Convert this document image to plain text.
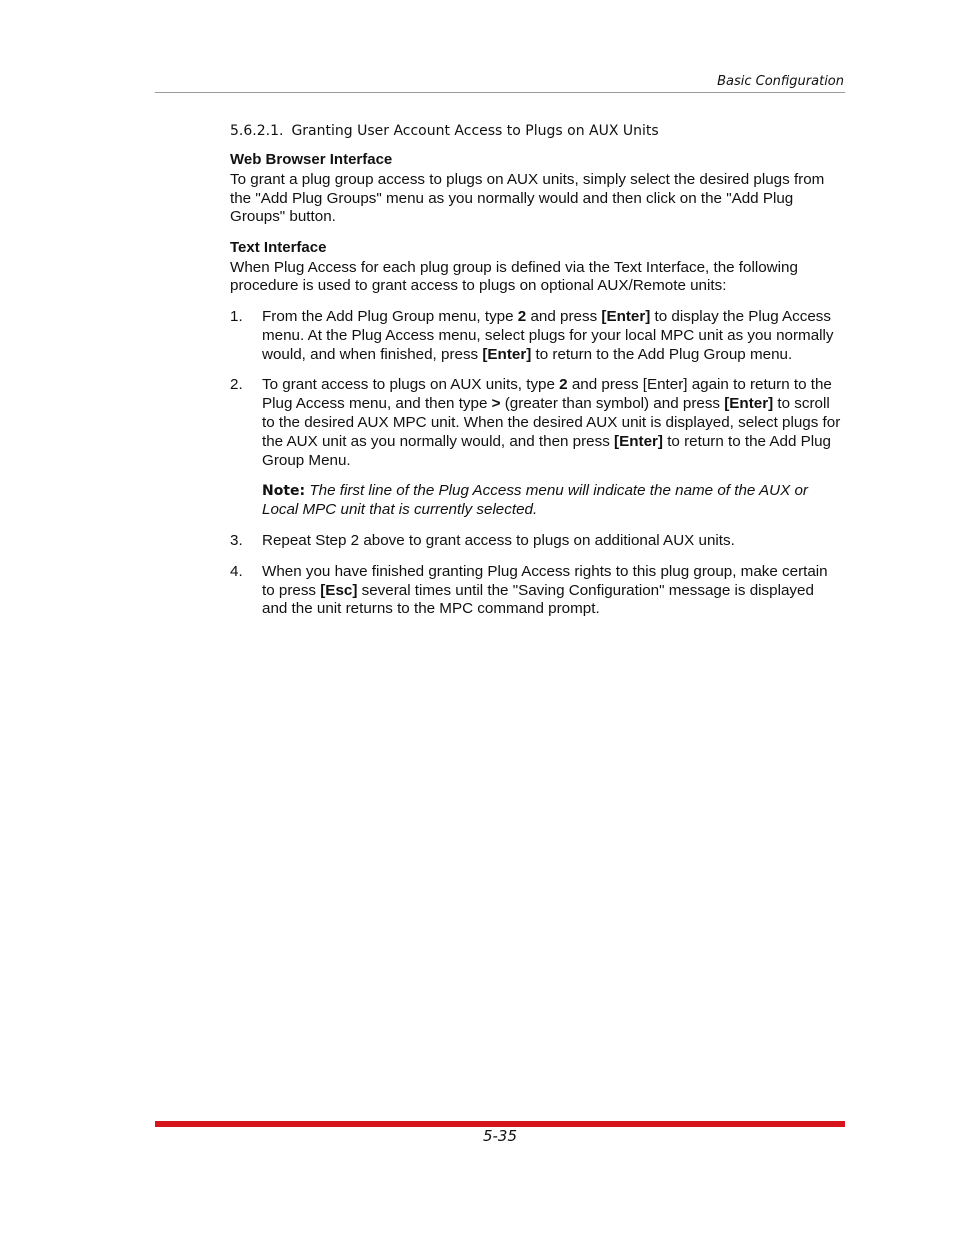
Basic Configuration
5.6.2.1. Granting User Account Access to Plugs on AUX Units
Web Browser Interface

To grant a plug group access to plugs on AUX units, simply select the desired plugs from the "Add Plug Groups" menu as you normally would and then click on the "Add Plug Groups" button.

Text Interface

When Plug Access for each plug group is defined via the Text Interface, the following procedure is used to grant access to plugs on optional AUX/Remote units:

1. From the Add Plug Group menu, type 2 and press [Enter] to display the Plug Access menu. At the Plug Access menu, select plugs for your local MPC unit as you normally would, and when finished, press [Enter] to return to the Add Plug Group menu.
2. To grant access to plugs on AUX units, type 2 and press [Enter] again to return to the Plug Access menu, and then type > (greater than symbol) and press [Enter] to scroll to the desired AUX MPC unit. When the desired AUX unit is displayed, select plugs for the AUX unit as you normally would, and then press [Enter] to return to the Add Plug Group Menu.
Note: The first line of the Plug Access menu will indicate the name of the AUX or Local MPC unit that is currently selected.
3. Repeat Step 2 above to grant access to plugs on additional AUX units.
4. When you have finished granting Plug Access rights to this plug group, make certain to press [Esc] several times until the "Saving Configuration" message is displayed and the unit returns to the MPC command prompt.
5-35
